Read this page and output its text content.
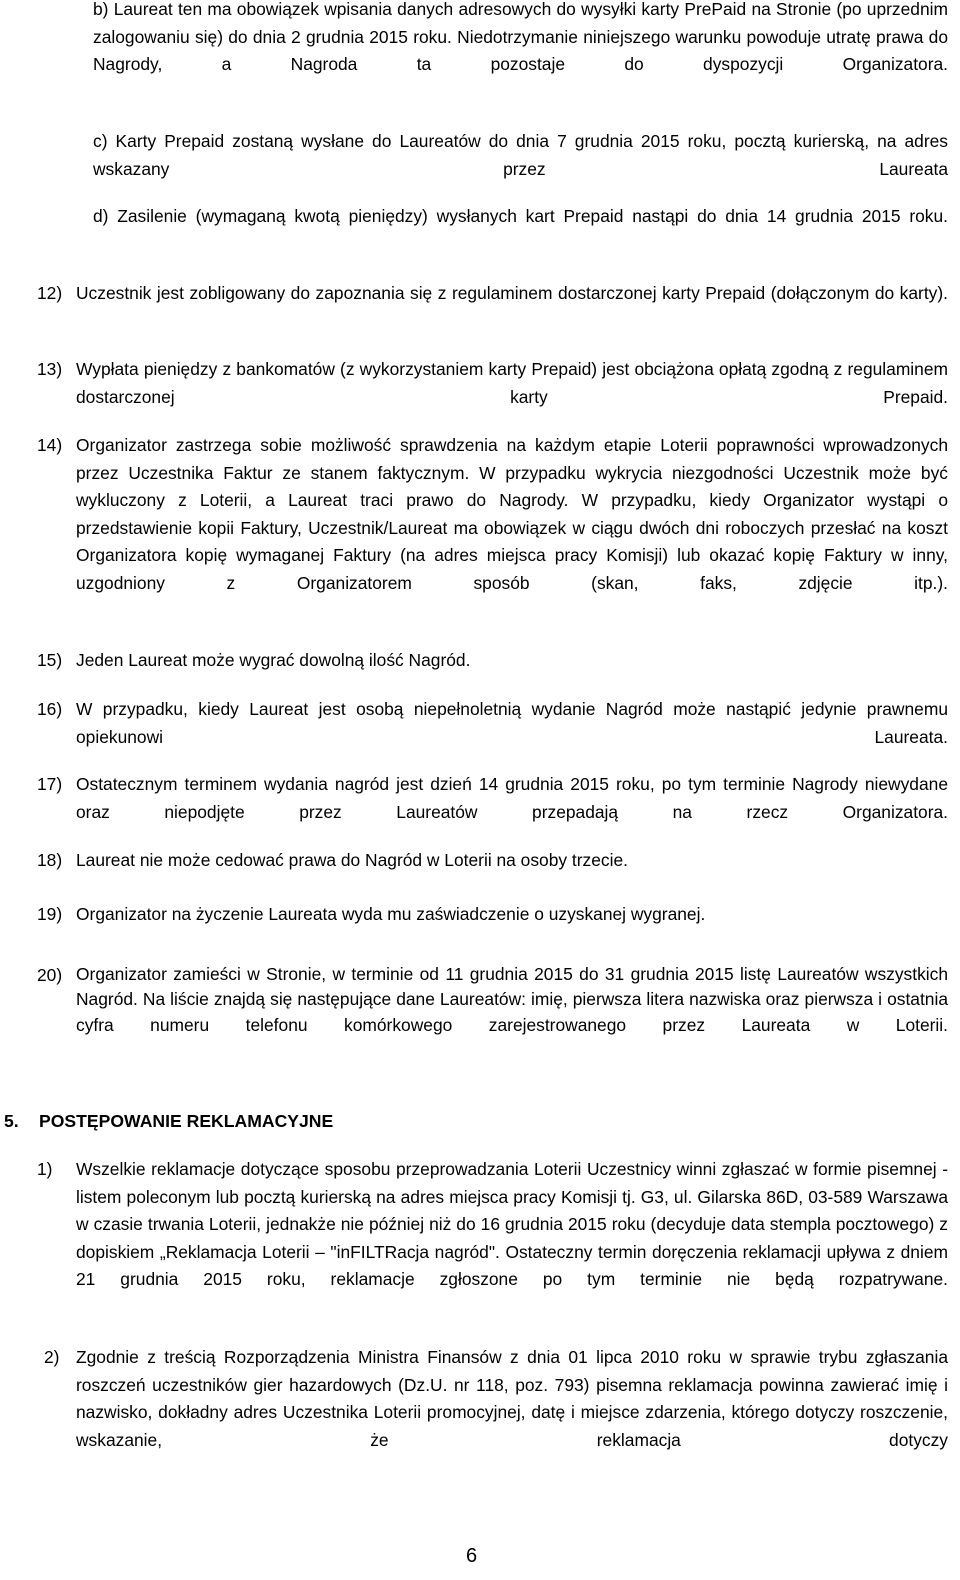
b) Laureat ten ma obowiązek wpisania danych adresowych do wysyłki karty PrePaid na Stronie (po uprzednim zalogowaniu się) do dnia 2 grudnia 2015 roku. Niedotrzymanie niniejszego warunku powoduje utratę prawa do Nagrody, a Nagroda ta pozostaje do dyspozycji Organizatora.

c) Karty Prepaid zostaną wysłane do Laureatów do dnia 7 grudnia 2015 roku, pocztą kurierską, na adres wskazany przez Laureata

d) Zasilenie (wymaganą kwotą pieniędzy) wysłanych kart Prepaid nastąpi do dnia 14 grudnia 2015 roku.

12) Uczestnik jest zobligowany do zapoznania się z regulaminem dostarczonej karty Prepaid (dołączonym do karty).

13) Wypłata pieniędzy z bankomatów (z wykorzystaniem karty Prepaid) jest obciążona opłatą zgodną z regulaminem dostarczonej karty Prepaid.

14) Organizator zastrzega sobie możliwość sprawdzenia na każdym etapie Loterii poprawności wprowadzonych przez Uczestnika Faktur ze stanem faktycznym. W przypadku wykrycia niezgodności Uczestnik może być wykluczony z Loterii, a Laureat traci prawo do Nagrody. W przypadku, kiedy Organizator wystąpi o przedstawienie kopii Faktury, Uczestnik/Laureat ma obowiązek w ciągu dwóch dni roboczych przesłać na koszt Organizatora kopię wymaganej Faktury (na adres miejsca pracy Komisji) lub okazać kopię Faktury w inny, uzgodniony z Organizatorem sposób (skan, faks, zdjęcie itp.).

15) Jeden Laureat może wygrać dowolną ilość Nagród.

16) W przypadku, kiedy Laureat jest osobą niepełnoletnią wydanie Nagród może nastąpić jedynie prawnemu opiekunowi Laureata.

17) Ostatecznym terminem wydania nagród jest dzień 14 grudnia 2015 roku, po tym terminie Nagrody niewydane oraz niepodjęte przez Laureatów przepadają na rzecz Organizatora.

18) Laureat nie może cedować prawa do Nagród w Loterii na osoby trzecie.

19) Organizator na życzenie Laureata wyda mu zaświadczenie o uzyskanej wygranej.

20) Organizator zamieści w Stronie, w terminie od 11 grudnia 2015 do 31 grudnia 2015 listę Laureatów wszystkich Nagród. Na liście znajdą się następujące dane Laureatów: imię, pierwsza litera nazwiska oraz pierwsza i ostatnia cyfra numeru telefonu komórkowego zarejestrowanego przez Laureata w Loterii.

5. POSTĘPOWANIE REKLAMACYJNE
1) Wszelkie reklamacje dotyczące sposobu przeprowadzania Loterii Uczestnicy winni zgłaszać w formie pisemnej - listem poleconym lub pocztą kurierską na adres miejsca pracy Komisji tj. G3, ul. Gilarska 86D, 03-589 Warszawa w czasie trwania Loterii, jednakże nie później niż do 16 grudnia 2015 roku (decyduje data stempla pocztowego) z dopiskiem „Reklamacja Loterii – "inFILTRacja nagród". Ostateczny termin doręczenia reklamacji upływa z dniem 21 grudnia 2015 roku, reklamacje zgłoszone po tym terminie nie będą rozpatrywane.

2) Zgodnie z treścią Rozporządzenia Ministra Finansów z dnia 01 lipca 2010 roku w sprawie trybu zgłaszania roszczeń uczestników gier hazardowych (Dz.U. nr 118, poz. 793) pisemna reklamacja powinna zawierać imię i nazwisko, dokładny adres Uczestnika Loterii promocyjnej, datę i miejsce zdarzenia, którego dotyczy roszczenie, wskazanie, że reklamacja dotyczy

6
